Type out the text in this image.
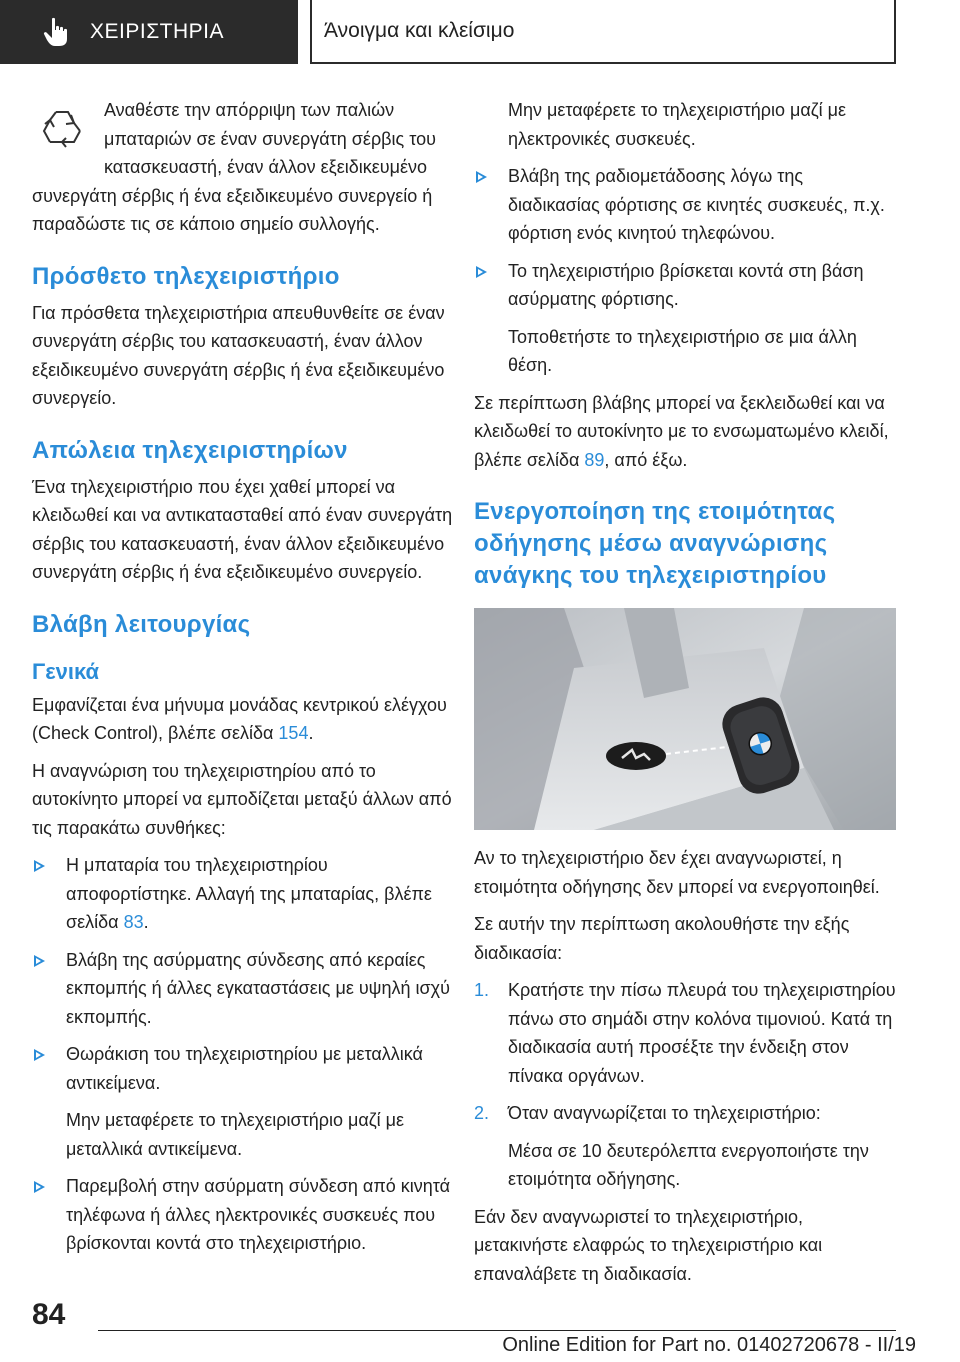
ΧΕΙΡΙΣΤΗΡΙΑ	Άνοιγμα και κλείσιμο

Αναθέστε την απόρριψη των παλιών μπαταριών σε έναν συνεργάτη σέρβις του κατασκευαστή, έναν άλλον εξειδικευμένο συνεργάτη σέρβις ή ένα εξειδικευμένο συνεργείο ή παραδώστε τις σε κάποιο σημείο συλλογής.

Πρόσθετο τηλεχειριστήριο

Για πρόσθετα τηλεχειριστήρια απευθυνθείτε σε έναν συνεργάτη σέρβις του κατασκευαστή, έναν άλλον εξειδικευμένο συνεργάτη σέρβις ή ένα εξειδικευμένο συνεργείο.

Απώλεια τηλεχειριστηρίων

Ένα τηλεχειριστήριο που έχει χαθεί μπορεί να κλειδωθεί και να αντικατασταθεί από έναν συνεργάτη σέρβις του κατασκευαστή, έναν άλλον εξειδικευμένο συνεργάτη σέρβις ή ένα εξειδικευμένο συνεργείο.

Βλάβη λειτουργίας
Γενικά

Εμφανίζεται ένα μήνυμα μονάδας κεντρικού ελέγχου (Check Control), βλέπε σελίδα 154.

Η αναγνώριση του τηλεχειριστηρίου από το αυτοκίνητο μπορεί να εμποδίζεται μεταξύ άλλων από τις παρακάτω συνθήκες:

Η μπαταρία του τηλεχειριστηρίου αποφορτίστηκε. Αλλαγή της μπαταρίας, βλέπε σελίδα 83.
Βλάβη της ασύρματης σύνδεσης από κεραίες εκπομπής ή άλλες εγκαταστάσεις με υψηλή ισχύ εκπομπής.
Θωράκιση του τηλεχειριστηρίου με μεταλλικά αντικείμενα.

Μην μεταφέρετε το τηλεχειριστήριο μαζί με μεταλλικά αντικείμενα.

Παρεμβολή στην ασύρματη σύνδεση από κινητά τηλέφωνα ή άλλες ηλεκτρονικές συσκευές που βρίσκονται κοντά στο τηλεχειριστήριο.

Μην μεταφέρετε το τηλεχειριστήριο μαζί με ηλεκτρονικές συσκευές.

Βλάβη της ραδιομετάδοσης λόγω της διαδικασίας φόρτισης σε κινητές συσκευές, π.χ. φόρτιση ενός κινητού τηλεφώνου.
Το τηλεχειριστήριο βρίσκεται κοντά στη βάση ασύρματης φόρτισης.

Τοποθετήστε το τηλεχειριστήριο σε μια άλλη θέση.

Σε περίπτωση βλάβης μπορεί να ξεκλειδωθεί και να κλειδωθεί το αυτοκίνητο με το ενσωματωμένο κλειδί, βλέπε σελίδα 89, από έξω.

Ενεργοποίηση της ετοιμότητας οδήγησης μέσω αναγνώρισης ανάγκης του τηλεχειριστηρίου

Αν το τηλεχειριστήριο δεν έχει αναγνωριστεί, η ετοιμότητα οδήγησης δεν μπορεί να ενεργοποιηθεί.

Σε αυτήν την περίπτωση ακολουθήστε την εξής διαδικασία:

1. Κρατήστε την πίσω πλευρά του τηλεχειριστηρίου πάνω στο σημάδι στην κολόνα τιμονιού. Κατά τη διαδικασία αυτή προσέξτε την ένδειξη στον πίνακα οργάνων.
2. Όταν αναγνωρίζεται το τηλεχειριστήριο:

Μέσα σε 10 δευτερόλεπτα ενεργοποιήστε την ετοιμότητα οδήγησης.

Εάν δεν αναγνωριστεί το τηλεχειριστήριο, μετακινήστε ελαφρώς το τηλεχειριστήριο και επαναλάβετε τη διαδικασία.

84
Online Edition for Part no. 01402720678 - II/19
